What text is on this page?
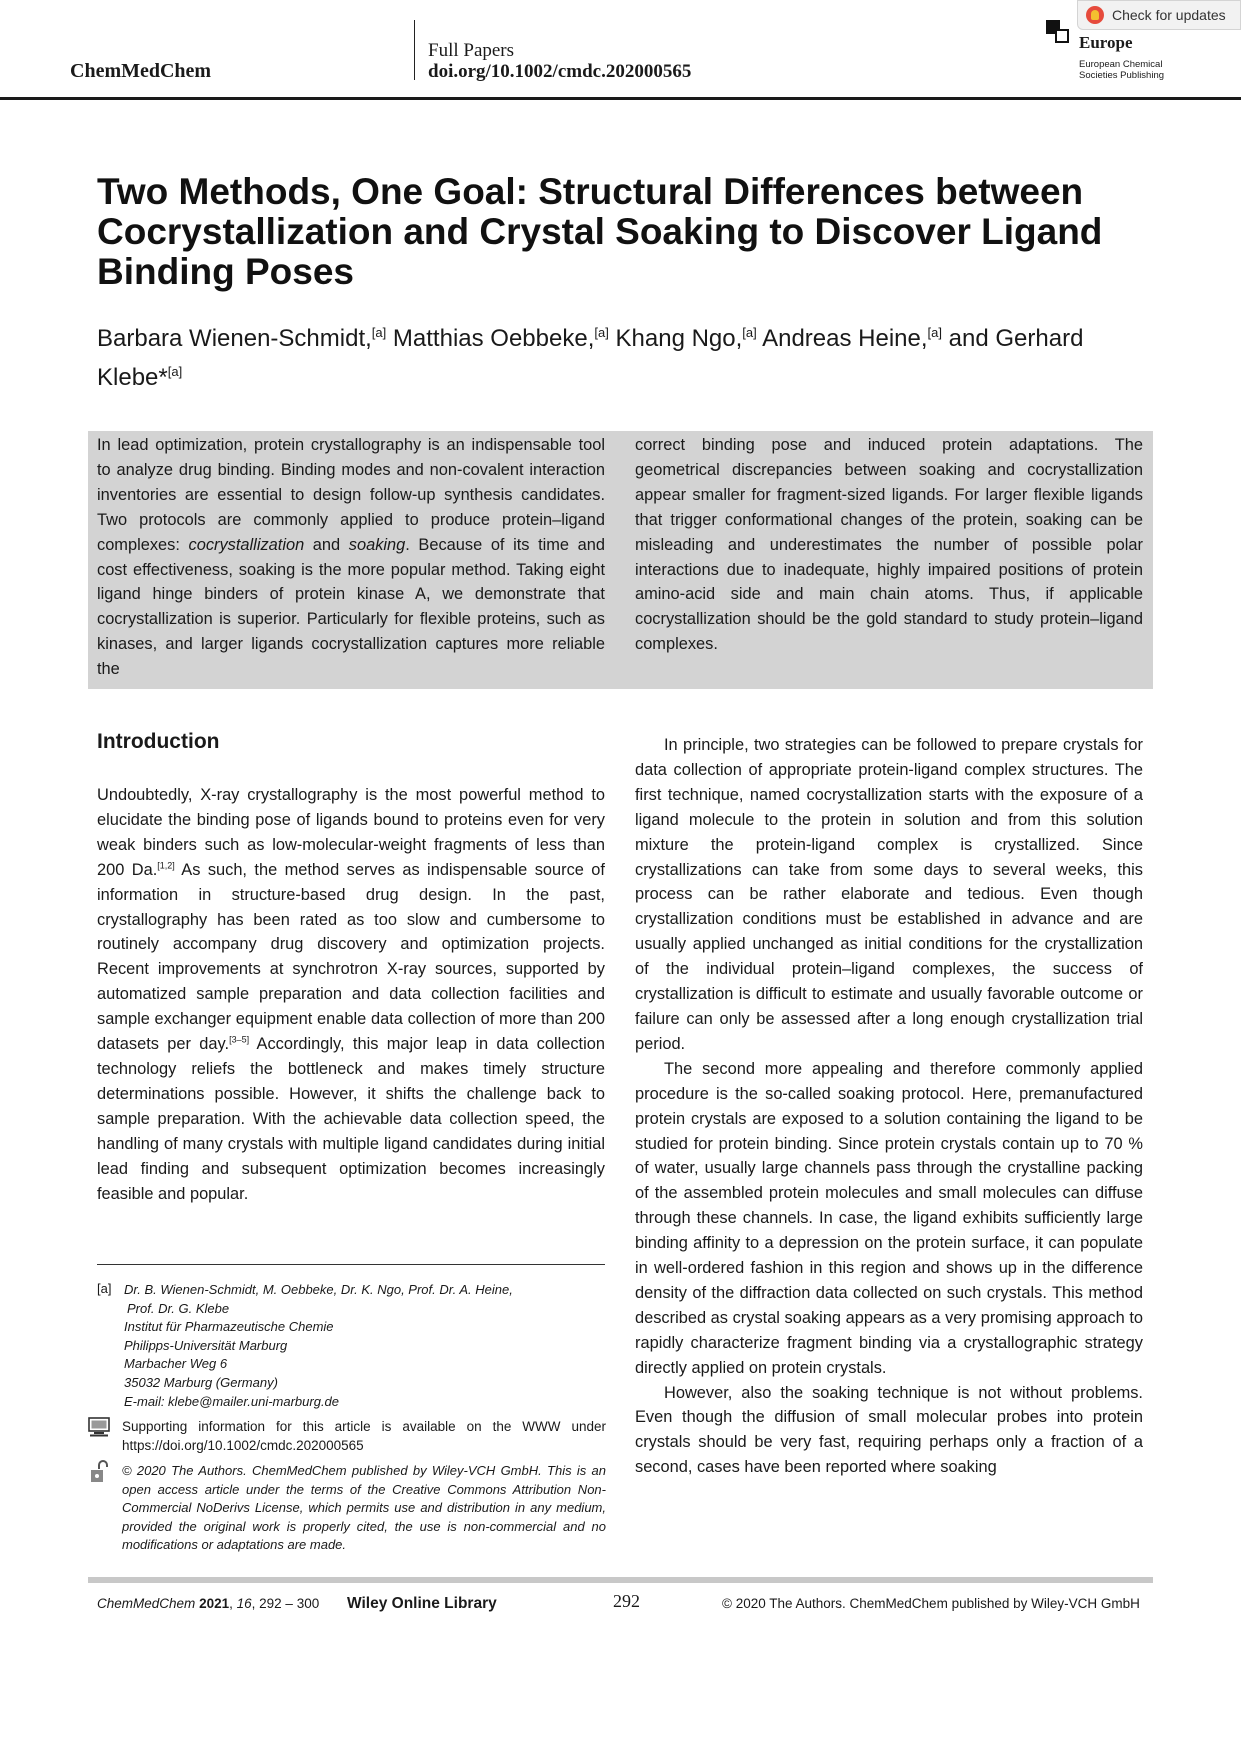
ChemMedChem
Full Papers
doi.org/10.1002/cmdc.202000565
Europe
European Chemical
Societies Publishing
Check for updates
Two Methods, One Goal: Structural Differences between Cocrystallization and Crystal Soaking to Discover Ligand Binding Poses
Barbara Wienen-Schmidt,[a] Matthias Oebbeke,[a] Khang Ngo,[a] Andreas Heine,[a] and Gerhard Klebe*[a]
In lead optimization, protein crystallography is an indispensable tool to analyze drug binding. Binding modes and non-covalent interaction inventories are essential to design follow-up synthesis candidates. Two protocols are commonly applied to produce protein–ligand complexes: cocrystallization and soaking. Because of its time and cost effectiveness, soaking is the more popular method. Taking eight ligand hinge binders of protein kinase A, we demonstrate that cocrystallization is superior. Particularly for flexible proteins, such as kinases, and larger ligands cocrystallization captures more reliable the
correct binding pose and induced protein adaptations. The geometrical discrepancies between soaking and cocrystallization appear smaller for fragment-sized ligands. For larger flexible ligands that trigger conformational changes of the protein, soaking can be misleading and underestimates the number of possible polar interactions due to inadequate, highly impaired positions of protein amino-acid side and main chain atoms. Thus, if applicable cocrystallization should be the gold standard to study protein–ligand complexes.
Introduction

Undoubtedly, X-ray crystallography is the most powerful method to elucidate the binding pose of ligands bound to proteins even for very weak binders such as low-molecular-weight fragments of less than 200 Da.[1,2] As such, the method serves as indispensable source of information in structure-based drug design. In the past, crystallography has been rated as too slow and cumbersome to routinely accompany drug discovery and optimization projects. Recent improvements at synchrotron X-ray sources, supported by automatized sample preparation and data collection facilities and sample exchanger equipment enable data collection of more than 200 datasets per day.[3–5] Accordingly, this major leap in data collection technology reliefs the bottleneck and makes timely structure determinations possible. However, it shifts the challenge back to sample preparation. With the achievable data collection speed, the handling of many crystals with multiple ligand candidates during initial lead finding and subsequent optimization becomes increasingly feasible and popular.

In principle, two strategies can be followed to prepare crystals for data collection of appropriate protein-ligand complex structures. The first technique, named cocrystallization starts with the exposure of a ligand molecule to the protein in solution and from this solution mixture the protein-ligand complex is crystallized. Since crystallizations can take from some days to several weeks, this process can be rather elaborate and tedious. Even though crystallization conditions must be established in advance and are usually applied unchanged as initial conditions for the crystallization of the individual protein–ligand complexes, the success of crystallization is difficult to estimate and usually favorable outcome or failure can only be assessed after a long enough crystallization trial period.

The second more appealing and therefore commonly applied procedure is the so-called soaking protocol. Here, premanufactured protein crystals are exposed to a solution containing the ligand to be studied for protein binding. Since protein crystals contain up to 70 % of water, usually large channels pass through the crystalline packing of the assembled protein molecules and small molecules can diffuse through these channels. In case, the ligand exhibits sufficiently large binding affinity to a depression on the protein surface, it can populate in well-ordered fashion in this region and shows up in the difference density of the diffraction data collected on such crystals. This method described as crystal soaking appears as a very promising approach to rapidly characterize fragment binding via a crystallographic strategy directly applied on protein crystals.

However, also the soaking technique is not without problems. Even though the diffusion of small molecular probes into protein crystals should be very fast, requiring perhaps only a fraction of a second, cases have been reported where soaking

[a] Dr. B. Wienen-Schmidt, M. Oebbeke, Dr. K. Ngo, Prof. Dr. A. Heine,
Prof. Dr. G. Klebe
Institut für Pharmazeutische Chemie
Philipps-Universität Marburg
Marbacher Weg 6
35032 Marburg (Germany)
E-mail: klebe@mailer.uni-marburg.de
Supporting information for this article is available on the WWW under https://doi.org/10.1002/cmdc.202000565
© 2020 The Authors. ChemMedChem published by Wiley-VCH GmbH. This is an open access article under the terms of the Creative Commons Attribution Non-Commercial NoDerivs License, which permits use and distribution in any medium, provided the original work is properly cited, the use is non-commercial and no modifications or adaptations are made.
ChemMedChem 2021, 16, 292 – 300 Wiley Online Library	292	© 2020 The Authors. ChemMedChem published by Wiley-VCH GmbH
